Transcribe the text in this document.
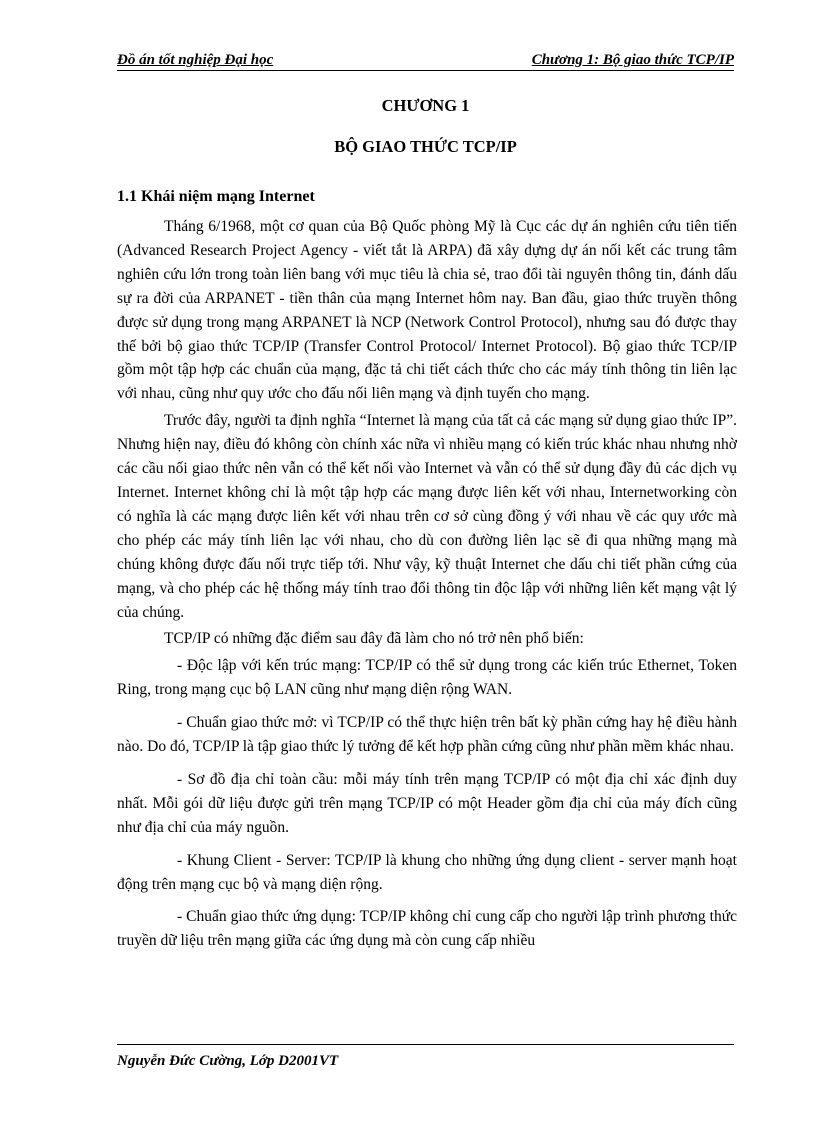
Đồ án tốt nghiệp Đại học	Chương 1: Bộ giao thức TCP/IP
CHƯƠNG 1
BỘ GIAO THỨC TCP/IP
1.1 Khái niệm mạng Internet

Tháng 6/1968, một cơ quan của Bộ Quốc phòng Mỹ là Cục các dự án nghiên cứu tiên tiến (Advanced Research Project Agency - viết tắt là ARPA) đã xây dựng dự án nối kết các trung tâm nghiên cứu lớn trong toàn liên bang với mục tiêu là chia sẻ, trao đổi tài nguyên thông tin, đánh dấu sự ra đời của ARPANET - tiền thân của mạng Internet hôm nay. Ban đầu, giao thức truyền thông được sử dụng trong mạng ARPANET là NCP (Network Control Protocol), nhưng sau đó được thay thế bởi bộ giao thức TCP/IP (Transfer Control Protocol/ Internet Protocol). Bộ giao thức TCP/IP gồm một tập hợp các chuẩn của mạng, đặc tả chi tiết cách thức cho các máy tính thông tin liên lạc với nhau, cũng như quy ước cho đấu nối liên mạng và định tuyến cho mạng.

Trước đây, người ta định nghĩa “Internet là mạng của tất cả các mạng sử dụng giao thức IP”. Nhưng hiện nay, điều đó không còn chính xác nữa vì nhiều mạng có kiến trúc khác nhau nhưng nhờ các cầu nối giao thức nên vẫn có thể kết nối vào Internet và vẫn có thể sử dụng đầy đủ các dịch vụ Internet. Internet không chỉ là một tập hợp các mạng được liên kết với nhau, Internetworking còn có nghĩa là các mạng được liên kết với nhau trên cơ sở cùng đồng ý với nhau về các quy ước mà cho phép các máy tính liên lạc với nhau, cho dù con đường liên lạc sẽ đi qua những mạng mà chúng không được đấu nối trực tiếp tới. Như vậy, kỹ thuật Internet che dấu chi tiết phần cứng của mạng, và cho phép các hệ thống máy tính trao đổi thông tin độc lập với những liên kết mạng vật lý của chúng.

TCP/IP có những đặc điểm sau đây đã làm cho nó trở nên phổ biến:

- Độc lập với kến trúc mạng: TCP/IP có thể sử dụng trong các kiến trúc Ethernet, Token Ring, trong mạng cục bộ LAN cũng như mạng diện rộng WAN.

- Chuẩn giao thức mở: vì TCP/IP có thể thực hiện trên bất kỳ phần cứng hay hệ điều hành nào. Do đó, TCP/IP là tập giao thức lý tưởng để kết hợp phần cứng cũng như phần mềm khác nhau.

- Sơ đồ địa chỉ toàn cầu: mỗi máy tính trên mạng TCP/IP có một địa chỉ xác định duy nhất. Mỗi gói dữ liệu được gửi trên mạng TCP/IP có một Header gồm địa chỉ của máy đích cũng như địa chỉ của máy nguồn.

- Khung Client - Server: TCP/IP là khung cho những ứng dụng client - server mạnh hoạt động trên mạng cục bộ và mạng diện rộng.

- Chuẩn giao thức ứng dụng: TCP/IP không chỉ cung cấp cho người lập trình phương thức truyền dữ liệu trên mạng giữa các ứng dụng mà còn cung cấp nhiều

Nguyễn Đức Cường, Lớp D2001VT
